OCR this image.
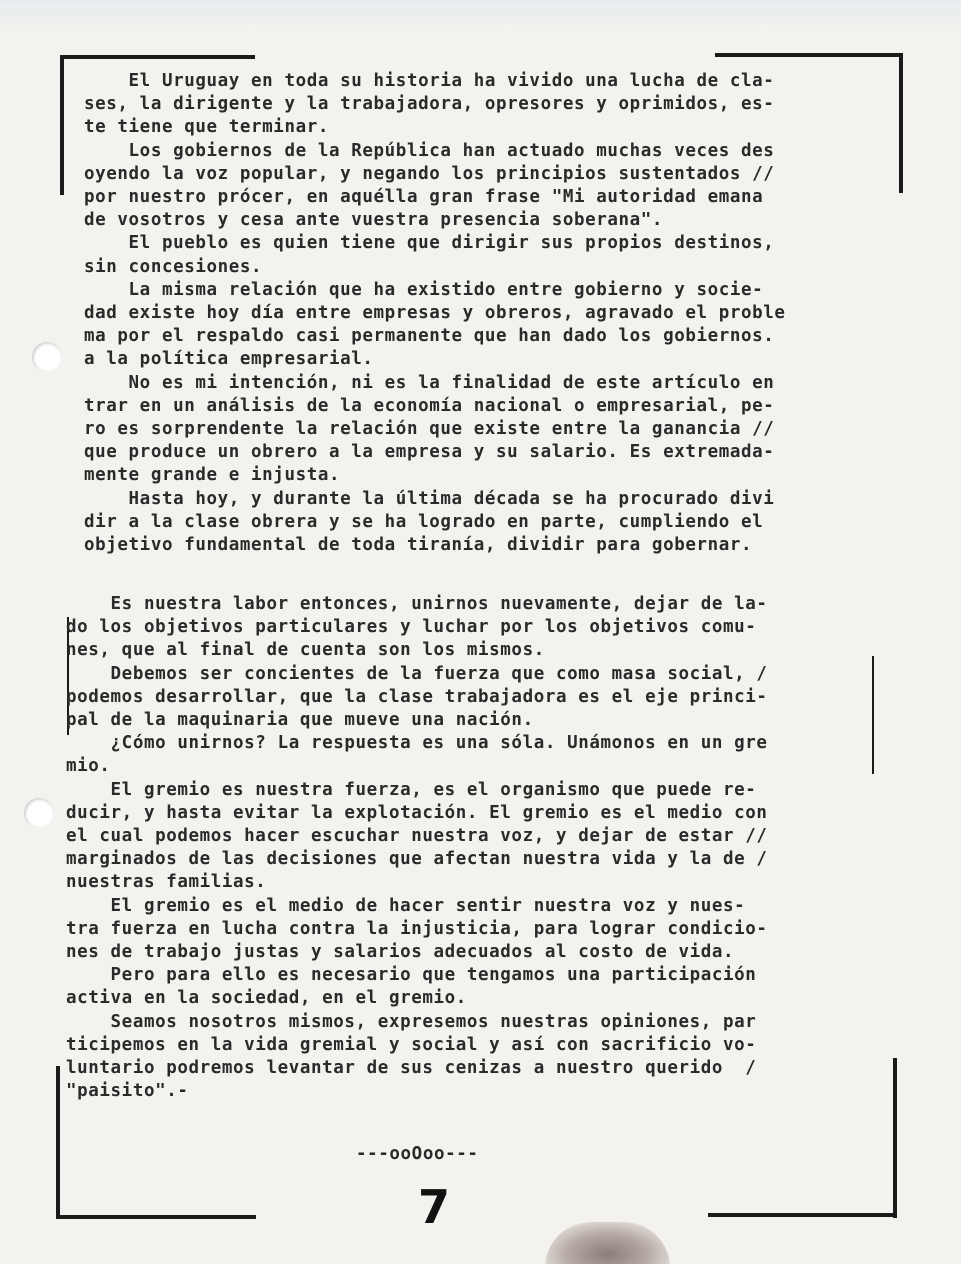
El Uruguay en toda su historia ha vivido una lucha de cla-
ses, la dirigente y la trabajadora, opresores y oprimidos, es-
te tiene que terminar.
Los gobiernos de la República han actuado muchas veces des
oyendo la voz popular, y negando los principios sustentados //
por nuestro prócer, en aquélla gran frase "Mi autoridad emana
de vosotros y cesa ante vuestra presencia soberana".
El pueblo es quien tiene que dirigir sus propios destinos,
sin concesiones.
La misma relación que ha existido entre gobierno y socie-
dad existe hoy día entre empresas y obreros, agravado el proble
ma por el respaldo casi permanente que han dado los gobiernos.
a la política empresarial.
No es mi intención, ni es la finalidad de este artículo en
trar en un análisis de la economía nacional o empresarial, pe-
ro es sorprendente la relación que existe entre la ganancia //
que produce un obrero a la empresa y su salario. Es extremada-
mente grande e injusta.
Hasta hoy, y durante la última década se ha procurado divi
dir a la clase obrera y se ha logrado en parte, cumpliendo el
objetivo fundamental de toda tiranía, dividir para gobernar.

Es nuestra labor entonces, unirnos nuevamente, dejar de la-
do los objetivos particulares y luchar por los objetivos comu-
nes, que al final de cuenta son los mismos.
Debemos ser concientes de la fuerza que como masa social, /
podemos desarrollar, que la clase trabajadora es el eje princi-
pal de la maquinaria que mueve una nación.
¿Cómo unirnos? La respuesta es una sóla. Unámonos en un gre
mio.
El gremio es nuestra fuerza, es el organismo que puede re-
ducir, y hasta evitar la explotación. El gremio es el medio con
el cual podemos hacer escuchar nuestra voz, y dejar de estar //
marginados de las decisiones que afectan nuestra vida y la de /
nuestras familias.
El gremio es el medio de hacer sentir nuestra voz y nues-
tra fuerza en lucha contra la injusticia, para lograr condicio-
nes de trabajo justas y salarios adecuados al costo de vida.
Pero para ello es necesario que tengamos una participación
activa en la sociedad, en el gremio.
Seamos nosotros mismos, expresemos nuestras opiniones, par
ticipemos en la vida gremial y social y así con sacrificio vo-
luntario podremos levantar de sus cenizas a nuestro querido  /
"paisito".-

---ooOoo---
7
